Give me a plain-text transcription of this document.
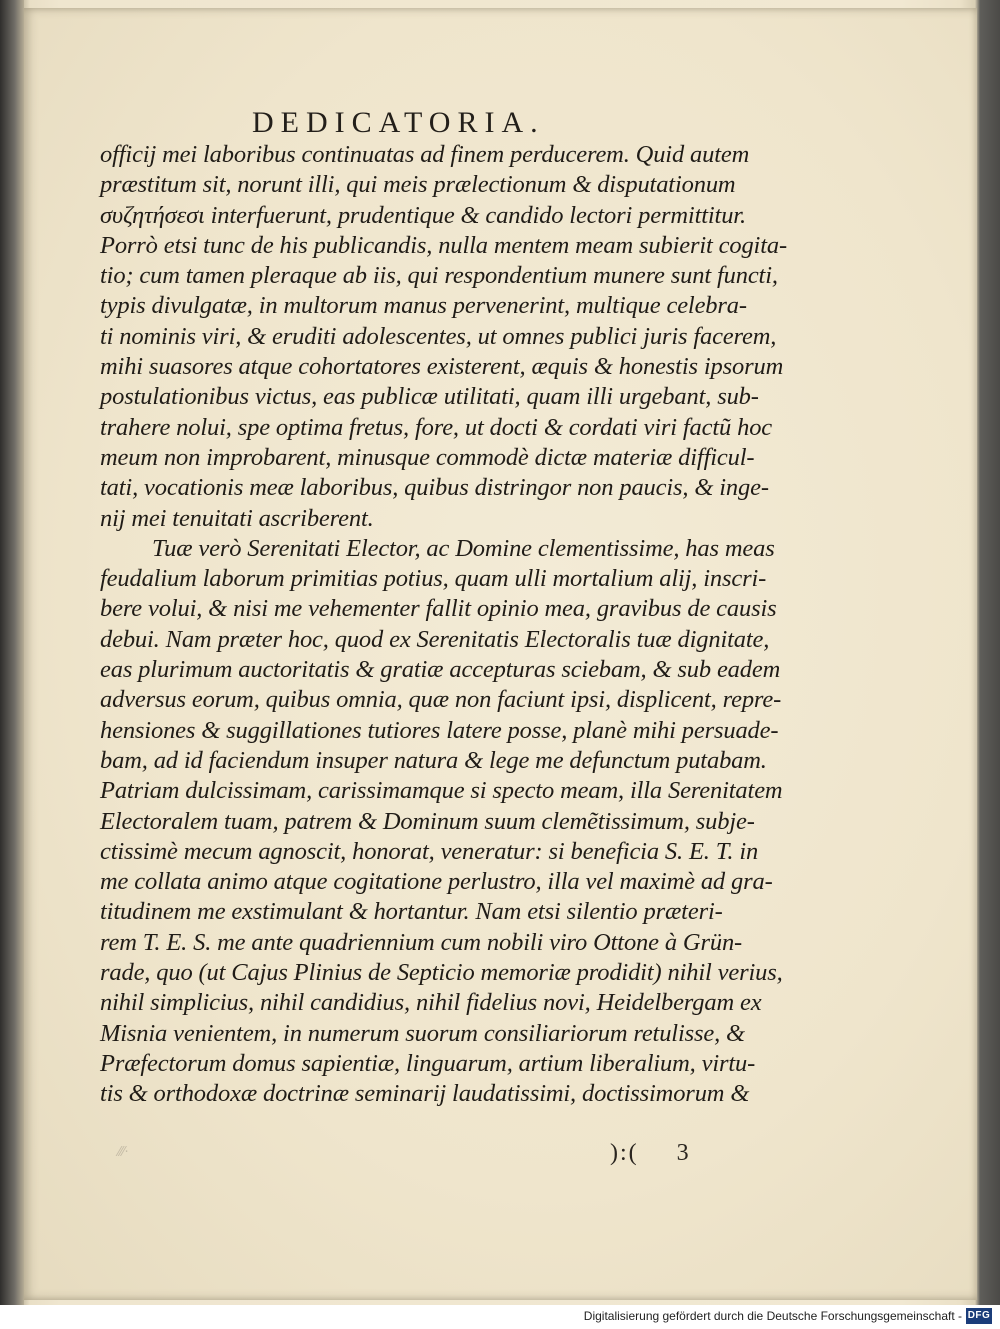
DEDICATORIA.
officij mei laboribus continuatas ad finem perducerem. Quid autem
præstitum sit, norunt illi, qui meis prælectionum & disputationum
συζητήσεσι interfuerunt, prudentique & candido lectori permittitur.
Porrò etsi tunc de his publicandis, nulla mentem meam subierit cogita-
tio; cum tamen pleraque ab iis, qui respondentium munere sunt functi,
typis divulgatæ, in multorum manus pervenerint, multique celebra-
ti nominis viri, & eruditi adolescentes, ut omnes publici juris facerem,
mihi suasores atque cohortatores existerent, æquis & honestis ipsorum
postulationibus victus, eas publicæ utilitati, quam illi urgebant, sub-
trahere nolui, spe optima fretus, fore, ut docti & cordati viri factũ hoc
meum non improbarent, minusque commodè dictæ materiæ difficul-
tati, vocationis meæ laboribus, quibus distringor non paucis, & inge-
nij mei tenuitati ascriberent.
Tuæ verò Serenitati Elector, ac Domine clementissime, has meas
feudalium laborum primitias potius, quam ulli mortalium alij, inscri-
bere volui, & nisi me vehementer fallit opinio mea, gravibus de causis
debui. Nam præter hoc, quod ex Serenitatis Electoralis tuæ dignitate,
eas plurimum auctoritatis & gratiæ accepturas sciebam, & sub eadem
adversus eorum, quibus omnia, quæ non faciunt ipsi, displicent, repre-
hensiones & suggillationes tutiores latere posse, planè mihi persuade-
bam, ad id faciendum insuper natura & lege me defunctum putabam.
Patriam dulcissimam, carissimamque si specto meam, illa Serenitatem
Electoralem tuam, patrem & Dominum suum clemẽtissimum, subje-
ctissimè mecum agnoscit, honorat, veneratur: si beneficia S. E. T. in
me collata animo atque cogitatione perlustro, illa vel maximè ad gra-
titudinem me exstimulant & hortantur. Nam etsi silentio præteri-
rem T. E. S. me ante quadriennium cum nobili viro Ottone à Grün-
rade, quo (ut Cajus Plinius de Septicio memoriæ prodidit) nihil verius,
nihil simplicius, nihil candidius, nihil fidelius novi, Heidelbergam ex
Misnia venientem, in numerum suorum consiliariorum retulisse, &
Præfectorum domus sapientiæ, linguarum, artium liberalium, virtu-
tis & orthodoxæ doctrinæ seminarij laudatissimi, doctissimorum &
⁄⁄⁄·	):( 3
Digitalisierung gefördert durch die Deutsche Forschungsgemeinschaft - DFG
